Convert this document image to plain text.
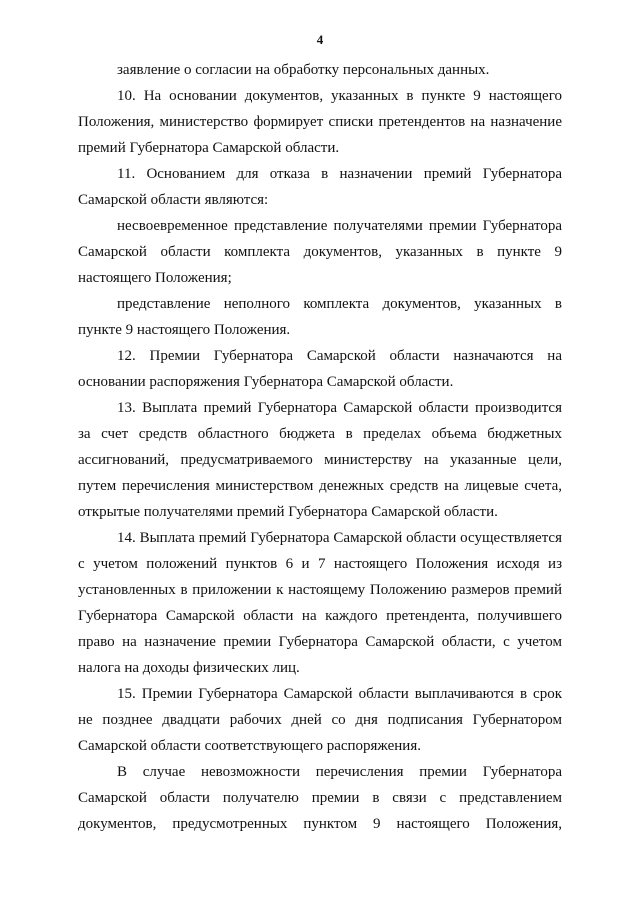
4
заявление о согласии на обработку персональных данных.
10. На основании документов, указанных в пункте 9 настоящего
Положения, министерство формирует списки претендентов на назначение
премий Губернатора Самарской области.
11. Основанием для отказа в назначении премий Губернатора
Самарской области являются:
несвоевременное представление получателями премии Губернатора
Самарской области комплекта документов, указанных в пункте 9
настоящего Положения;
представление неполного комплекта документов, указанных в
пункте 9 настоящего Положения.
12. Премии Губернатора Самарской области назначаются на
основании распоряжения Губернатора Самарской области.
13. Выплата премий Губернатора Самарской области производится
за счет средств областного бюджета в пределах объема бюджетных
ассигнований, предусматриваемого министерству на указанные цели,
путем перечисления министерством денежных средств на лицевые счета,
открытые получателями премий Губернатора Самарской области.
14. Выплата премий Губернатора Самарской области осуществляется
с учетом положений пунктов 6 и 7 настоящего Положения исходя из
установленных в приложении к настоящему Положению размеров премий
Губернатора Самарской области на каждого претендента, получившего
право на назначение премии Губернатора Самарской области, с учетом
налога на доходы физических лиц.
15. Премии Губернатора Самарской области выплачиваются в срок
не позднее двадцати рабочих дней со дня подписания Губернатором
Самарской области соответствующего распоряжения.
В случае невозможности перечисления премии Губернатора
Самарской области получателю премии в связи с представлением
документов, предусмотренных пунктом 9 настоящего Положения,
